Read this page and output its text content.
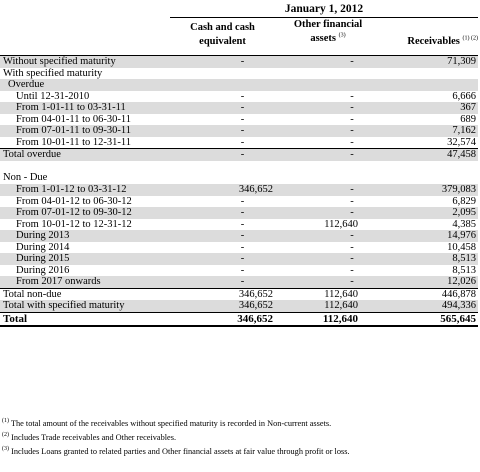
January 1, 2012
Cash and cash
equivalent
Other financial
assets $^{(3)}$
Receivables $^{(1) (2)}$
Without specified maturity	-	-	71,309
With specified maturity
Overdue
Until 12-31-2010	-	-	6,666
From 1-01-11 to 03-31-11	-	-	367
From 04-01-11 to 06-30-11	-	-	689
From 07-01-11 to 09-30-11	-	-	7,162
From 10-01-11 to 12-31-11	-	-	32,574
Total overdue	-	-	47,458
Non - Due
From 1-01-12 to 03-31-12	346,652	-	379,083
From 04-01-12 to 06-30-12	-	-	6,829
From 07-01-12 to 09-30-12	-	-	2,095
From 10-01-12 to 12-31-12	-	112,640	4,385
During 2013	-	-	14,976
During 2014	-	-	10,458
During 2015	-	-	8,513
During 2016	-	-	8,513
From 2017 onwards	-	-	12,026
Total non-due	346,652	112,640	446,878
Total with specified maturity	346,652	112,640	494,336
Total	346,652	112,640	565,645
$^{(1)}$ The total amount of the receivables without specified maturity is recorded in Non-current assets.
$^{(2)}$ Includes Trade receivables and Other receivables.
$^{(3)}$ Includes Loans granted to related parties and Other financial assets at fair value through profit or loss.
